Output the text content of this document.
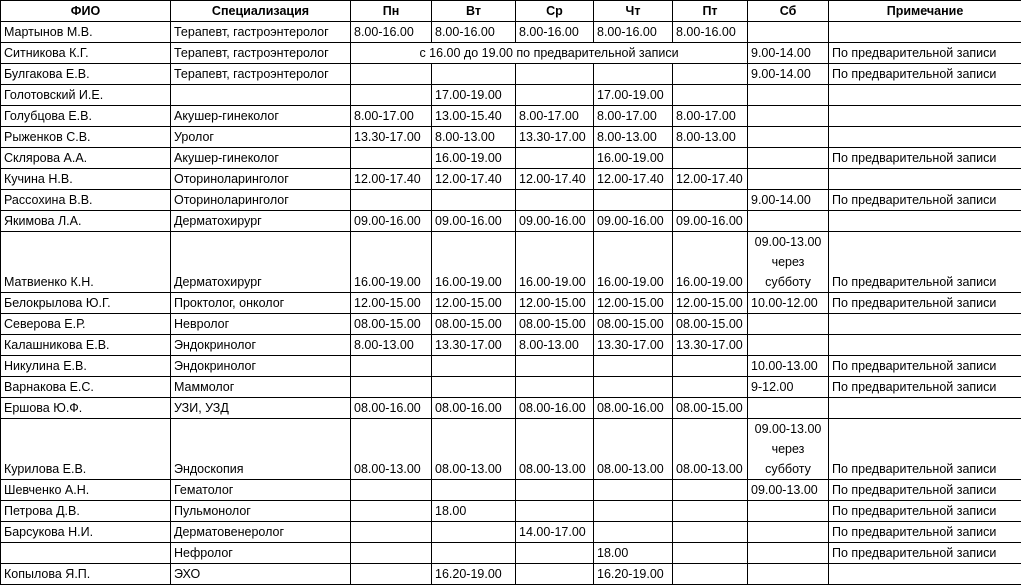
ФИО	Специализация	Пн	Вт	Ср	Чт	Пт	Сб	Примечание
Мартынов М.В.	Терапевт, гастроэнтеролог	8.00-16.00	8.00-16.00	8.00-16.00	8.00-16.00	8.00-16.00		
Ситникова К.Г.	Терапевт, гастроэнтеролог	с 16.00 до 19.00 по предварительной записи					9.00-14.00	По предварительной записи
Булгакова Е.В.	Терапевт, гастроэнтеролог						9.00-14.00	По предварительной записи
Голотовский И.Е.			17.00-19.00		17.00-19.00			
Голубцова Е.В.	Акушер-гинеколог	8.00-17.00	13.00-15.40	8.00-17.00	8.00-17.00	8.00-17.00		
Рыженков С.В.	Уролог	13.30-17.00	8.00-13.00	13.30-17.00	8.00-13.00	8.00-13.00		
Склярова А.А.	Акушер-гинеколог		16.00-19.00		16.00-19.00			По предварительной записи
Кучина Н.В.	Оториноларинголог	12.00-17.40	12.00-17.40	12.00-17.40	12.00-17.40	12.00-17.40		
Рассохина В.В.	Оториноларинголог						9.00-14.00	По предварительной записи
Якимова Л.А.	Дерматохирург	09.00-16.00	09.00-16.00	09.00-16.00	09.00-16.00	09.00-16.00		
Матвиенко К.Н.	Дерматохирург	16.00-19.00	16.00-19.00	16.00-19.00	16.00-19.00	16.00-19.00	09.00-13.00
через
субботу	По предварительной записи
Белокрылова Ю.Г.	Проктолог, онколог	12.00-15.00	12.00-15.00	12.00-15.00	12.00-15.00	12.00-15.00	10.00-12.00	По предварительной записи
Северова Е.Р.	Невролог	08.00-15.00	08.00-15.00	08.00-15.00	08.00-15.00	08.00-15.00		
Калашникова Е.В.	Эндокринолог	8.00-13.00	13.30-17.00	8.00-13.00	13.30-17.00	13.30-17.00		
Никулина Е.В.	Эндокринолог						10.00-13.00	По предварительной записи
Варнакова Е.С.	Маммолог						9-12.00	По предварительной записи
Ершова Ю.Ф.	УЗИ, УЗД	08.00-16.00	08.00-16.00	08.00-16.00	08.00-16.00	08.00-15.00		
Курилова Е.В.	Эндоскопия	08.00-13.00	08.00-13.00	08.00-13.00	08.00-13.00	08.00-13.00	09.00-13.00
через
субботу	По предварительной записи
Шевченко А.Н.	Гематолог						09.00-13.00	По предварительной записи
Петрова Д.В.	Пульмонолог		18.00					По предварительной записи
Барсукова Н.И.	Дерматовенеролог			14.00-17.00				По предварительной записи
	Нефролог				18.00			По предварительной записи
Копылова Я.П.	ЭХО		16.20-19.00		16.20-19.00			
